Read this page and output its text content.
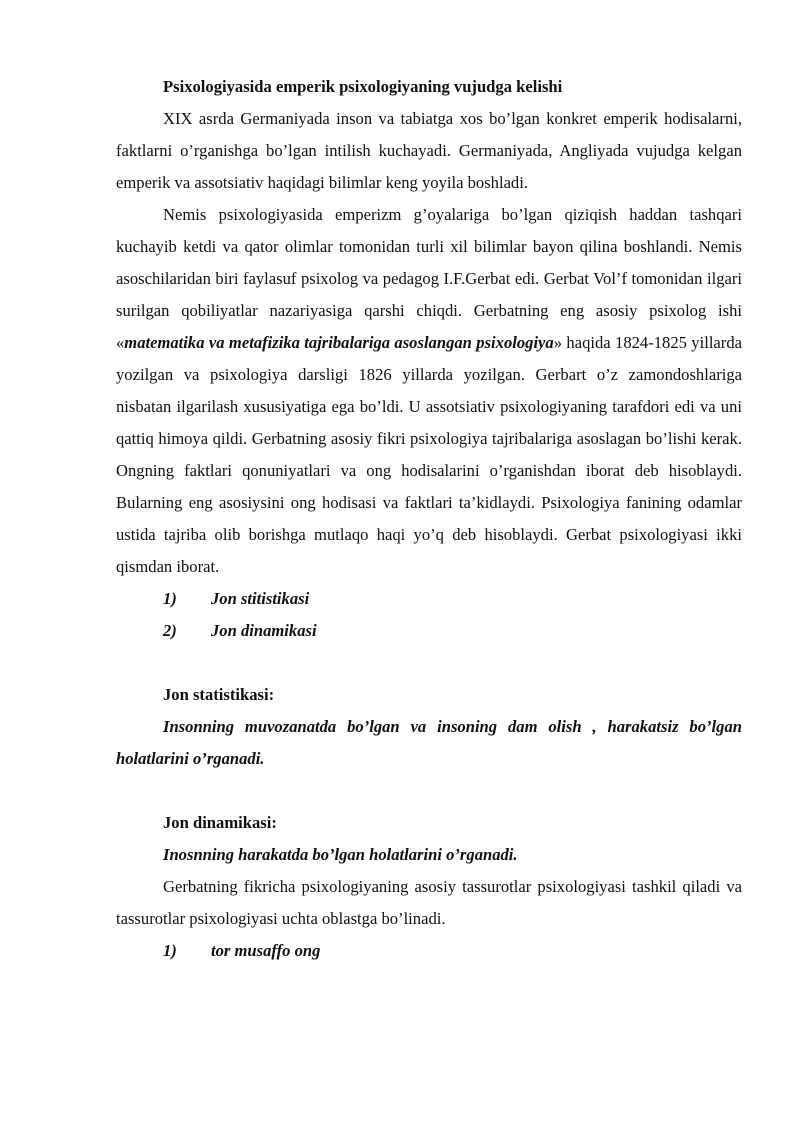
Psixologiyasida emperik psixologiyaning vujudga kelishi

XIX asrda Germaniyada inson va tabiatga xos bo’lgan konkret emperik hodisalarni, faktlarni o’rganishga bo’lgan intilish kuchayadi. Germaniyada, Angliyada vujudga kelgan emperik va assotsiativ haqidagi bilimlar keng yoyila boshladi.

Nemis psixologiyasida emperizm g’oyalariga bo’lgan qiziqish haddan tashqari kuchayib ketdi va qator olimlar tomonidan turli xil bilimlar bayon qilina boshlandi. Nemis asoschilaridan biri faylasuf psixolog va pedagog I.F.Gerbat edi. Gerbat Vol’f tomonidan ilgari surilgan qobiliyatlar nazariyasiga qarshi chiqdi. Gerbatning eng asosiy psixolog ishi «matematika va metafizika tajribalariga asoslangan psixologiya» haqida 1824-1825 yillarda yozilgan va psixologiya darsligi 1826 yillarda yozilgan. Gerbart o’z zamondoshlariga nisbatan ilgarilash xususiyatiga ega bo’ldi. U assotsiativ psixologiyaning tarafdori edi va uni qattiq himoya qildi. Gerbatning asosiy fikri psixologiya tajribalariga asoslagan bo’lishi kerak. Ongning faktlari qonuniyatlari va ong hodisalarini o’rganishdan iborat deb hisoblaydi. Bularning eng asosiysini ong hodisasi va faktlari ta’kidlaydi. Psixologiya fanining odamlar ustida tajriba olib borishga mutlaqo haqi yo’q deb hisoblaydi. Gerbat psixologiyasi ikki qismdan iborat.

1)	Jon stitistikasi
2)	Jon dinamikasi

Jon statistikasi:

Insonning muvozanatda bo’lgan va insoning dam olish , harakatsiz bo’lgan holatlarini o’rganadi.

Jon dinamikasi:

Inosnning harakatda bo’lgan holatlarini o’rganadi.

Gerbatning fikricha psixologiyaning asosiy tassurotlar psixologiyasi tashkil qiladi va tassurotlar psixologiyasi uchta oblastga bo’linadi.

1)	tor musaffo ong
